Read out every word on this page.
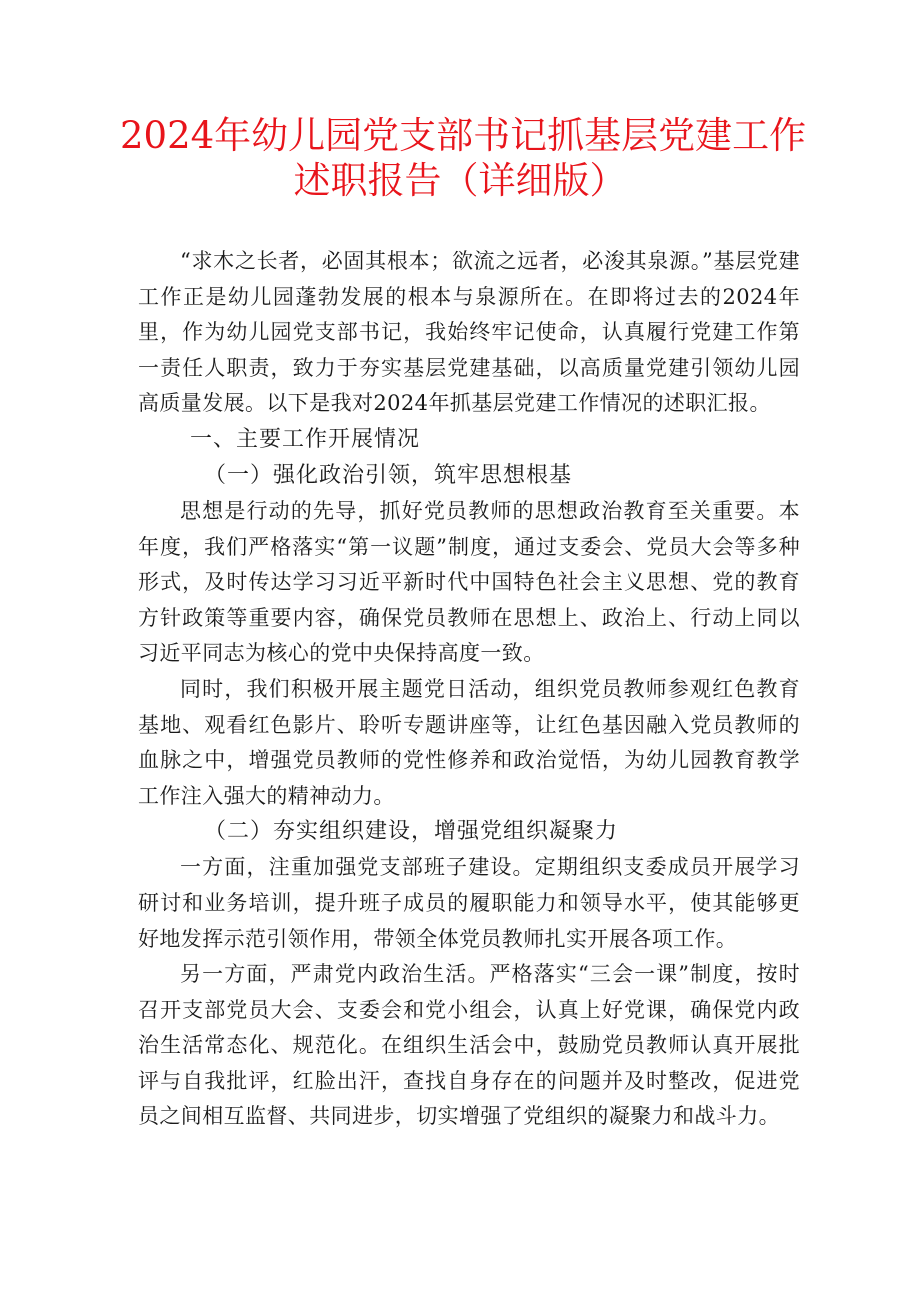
2024年幼儿园党支部书记抓基层党建工作
述职报告（详细版）

“求木之长者，必固其根本；欲流之远者，必浚其泉源。”基层党建工作正是幼儿园蓬勃发展的根本与泉源所在。在即将过去的2024年里，作为幼儿园党支部书记，我始终牢记使命，认真履行党建工作第一责任人职责，致力于夯实基层党建基础，以高质量党建引领幼儿园高质量发展。以下是我对2024年抓基层党建工作情况的述职汇报。

一、主要工作开展情况

（一）强化政治引领，筑牢思想根基

思想是行动的先导，抓好党员教师的思想政治教育至关重要。本年度，我们严格落实“第一议题”制度，通过支委会、党员大会等多种形式，及时传达学习习近平新时代中国特色社会主义思想、党的教育方针政策等重要内容，确保党员教师在思想上、政治上、行动上同以习近平同志为核心的党中央保持高度一致。

同时，我们积极开展主题党日活动，组织党员教师参观红色教育基地、观看红色影片、聆听专题讲座等，让红色基因融入党员教师的血脉之中，增强党员教师的党性修养和政治觉悟，为幼儿园教育教学工作注入强大的精神动力。

（二）夯实组织建设，增强党组织凝聚力

一方面，注重加强党支部班子建设。定期组织支委成员开展学习研讨和业务培训，提升班子成员的履职能力和领导水平，使其能够更好地发挥示范引领作用，带领全体党员教师扎实开展各项工作。

另一方面，严肃党内政治生活。严格落实“三会一课”制度，按时召开支部党员大会、支委会和党小组会，认真上好党课，确保党内政治生活常态化、规范化。在组织生活会中，鼓励党员教师认真开展批评与自我批评，红脸出汗，查找自身存在的问题并及时整改，促进党员之间相互监督、共同进步，切实增强了党组织的凝聚力和战斗力。
